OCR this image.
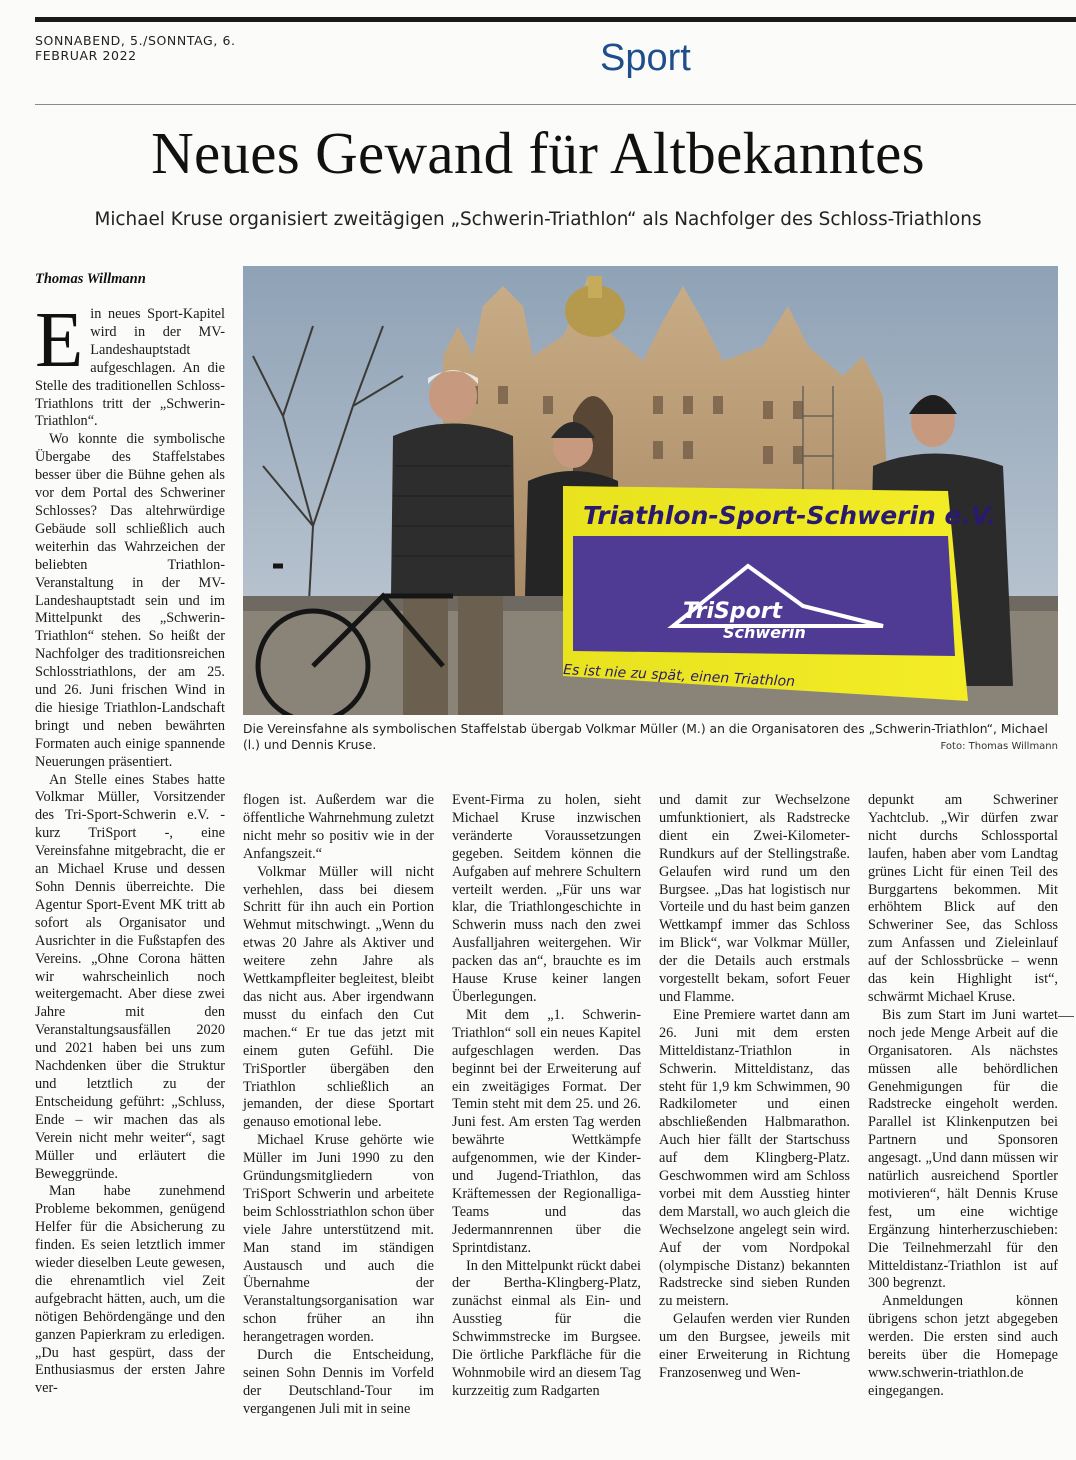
SONNABEND, 5./SONNTAG, 6. FEBRUAR 2022	Sport
Neues Gewand für Altbekanntes
Michael Kruse organisiert zweitägigen „Schwerin-Triathlon“ als Nachfolger des Schloss-Triathlons
Thomas Willmann

Ein neues Sport-Kapitel wird in der MV-Landeshauptstadt aufgeschlagen. An die Stelle des traditionellen Schloss-Triathlons tritt der „Schwerin-Triathlon“.

Wo konnte die symbolische Übergabe des Staffelstabes besser über die Bühne gehen als vor dem Portal des Schweriner Schlosses? Das altehrwürdige Gebäude soll schließlich auch weiterhin das Wahrzeichen der beliebten Triathlon-Veranstaltung in der MV-Landeshauptstadt sein und im Mittelpunkt des „Schwerin-Triathlon“ stehen. So heißt der Nachfolger des traditionsreichen Schlosstriathlons, der am 25. und 26. Juni frischen Wind in die hiesige Triathlon-Landschaft bringt und neben bewährten Formaten auch einige spannende Neuerungen präsentiert.

An Stelle eines Stabes hatte Volkmar Müller, Vorsitzender des Tri-Sport-Schwerin e.V. - kurz TriSport -, eine Vereinsfahne mitgebracht, die er an Michael Kruse und dessen Sohn Dennis überreichte. Die Agentur Sport-Event MK tritt ab sofort als Organisator und Ausrichter in die Fußstapfen des Vereins. „Ohne Corona hätten wir wahrscheinlich noch weitergemacht. Aber diese zwei Jahre mit den Veranstaltungsausfällen 2020 und 2021 haben bei uns zum Nachdenken über die Struktur und letztlich zu der Entscheidung geführt: „Schluss, Ende – wir machen das als Verein nicht mehr weiter“, sagt Müller und erläutert die Beweggründe.

Man habe zunehmend Probleme bekommen, genügend Helfer für die Absicherung zu finden. Es seien letztlich immer wieder dieselben Leute gewesen, die ehrenamtlich viel Zeit aufgebracht hätten, auch, um die nötigen Behördengänge und den ganzen Papierkram zu erledigen. „Du hast gespürt, dass der Enthusiasmus der ersten Jahre ver-

Triathlon-Sport-Schwerin e.V.
TriSport
Schwerin
Es ist nie zu spät, einen Triathlon
Die Vereinsfahne als symbolischen Staffelstab übergab Volkmar Müller (M.) an die Organisatoren des „Schwerin-Triathlon“, Michael (l.) und Dennis Kruse.	Foto: Thomas Willmann

flogen ist. Außerdem war die öffentliche Wahrnehmung zuletzt nicht mehr so positiv wie in der Anfangszeit.“

Volkmar Müller will nicht verhehlen, dass bei diesem Schritt für ihn auch ein Portion Wehmut mitschwingt. „Wenn du etwas 20 Jahre als Aktiver und weitere zehn Jahre als Wettkampfleiter begleitest, bleibt das nicht aus. Aber irgendwann musst du einfach den Cut machen.“ Er tue das jetzt mit einem guten Gefühl. Die TriSportler übergäben den Triathlon schließlich an jemanden, der diese Sportart genauso emotional lebe.

Michael Kruse gehörte wie Müller im Juni 1990 zu den Gründungsmitgliedern von TriSport Schwerin und arbeitete beim Schlosstriathlon schon über viele Jahre unterstützend mit. Man stand im ständigen Austausch und auch die Übernahme der Veranstaltungsorganisation war schon früher an ihn herangetragen worden.

Durch die Entscheidung, seinen Sohn Dennis im Vorfeld der Deutschland-Tour im vergangenen Juli mit in seine

Event-Firma zu holen, sieht Michael Kruse inzwischen veränderte Voraussetzungen gegeben. Seitdem können die Aufgaben auf mehrere Schultern verteilt werden. „Für uns war klar, die Triathlongeschichte in Schwerin muss nach den zwei Ausfalljahren weitergehen. Wir packen das an“, brauchte es im Hause Kruse keiner langen Überlegungen.

Mit dem „1. Schwerin-Triathlon“ soll ein neues Kapitel aufgeschlagen werden. Das beginnt bei der Erweiterung auf ein zweitägiges Format. Der Temin steht mit dem 25. und 26. Juni fest. Am ersten Tag werden bewährte Wettkämpfe aufgenommen, wie der Kinder- und Jugend-Triathlon, das Kräftemessen der Regionalliga-Teams und das Jedermannrennen über die Sprintdistanz.

In den Mittelpunkt rückt dabei der Bertha-Klingberg-Platz, zunächst einmal als Ein- und Ausstieg für die Schwimmstrecke im Burgsee. Die örtliche Parkfläche für die Wohnmobile wird an diesem Tag kurzzeitig zum Radgarten

und damit zur Wechselzone umfunktioniert, als Radstrecke dient ein Zwei-Kilometer-Rundkurs auf der Stellingstraße. Gelaufen wird rund um den Burgsee. „Das hat logistisch nur Vorteile und du hast beim ganzen Wettkampf immer das Schloss im Blick“, war Volkmar Müller, der die Details auch erstmals vorgestellt bekam, sofort Feuer und Flamme.

Eine Premiere wartet dann am 26. Juni mit dem ersten Mitteldistanz-Triathlon in Schwerin. Mitteldistanz, das steht für 1,9 km Schwimmen, 90 Radkilometer und einen abschließenden Halbmarathon. Auch hier fällt der Startschuss auf dem Klingberg-Platz. Geschwommen wird am Schloss vorbei mit dem Ausstieg hinter dem Marstall, wo auch gleich die Wechselzone angelegt sein wird. Auf der vom Nordpokal (olympische Distanz) bekannten Radstrecke sind sieben Runden zu meistern.

Gelaufen werden vier Runden um den Burgsee, jeweils mit einer Erweiterung in Richtung Franzosenweg und Wen-

depunkt am Schweriner Yachtclub. „Wir dürfen zwar nicht durchs Schlossportal laufen, haben aber vom Landtag grünes Licht für einen Teil des Burggartens bekommen. Mit erhöhtem Blick auf den Schweriner See, das Schloss zum Anfassen und Zieleinlauf auf der Schlossbrücke – wenn das kein Highlight ist“, schwärmt Michael Kruse.

Bis zum Start im Juni wartet noch jede Menge Arbeit auf die Organisatoren. Als nächstes müssen alle behördlichen Genehmigungen für die Radstrecke eingeholt werden. Parallel ist Klinkenputzen bei Partnern und Sponsoren angesagt. „Und dann müssen wir natürlich ausreichend Sportler motivieren“, hält Dennis Kruse fest, um eine wichtige Ergänzung hinterherzuschieben: Die Teilnehmerzahl für den Mitteldistanz-Triathlon ist auf 300 begrenzt.

Anmeldungen können übrigens schon jetzt abgegeben werden. Die ersten sind auch bereits über die Homepage www.schwerin-triathlon.de eingegangen.
